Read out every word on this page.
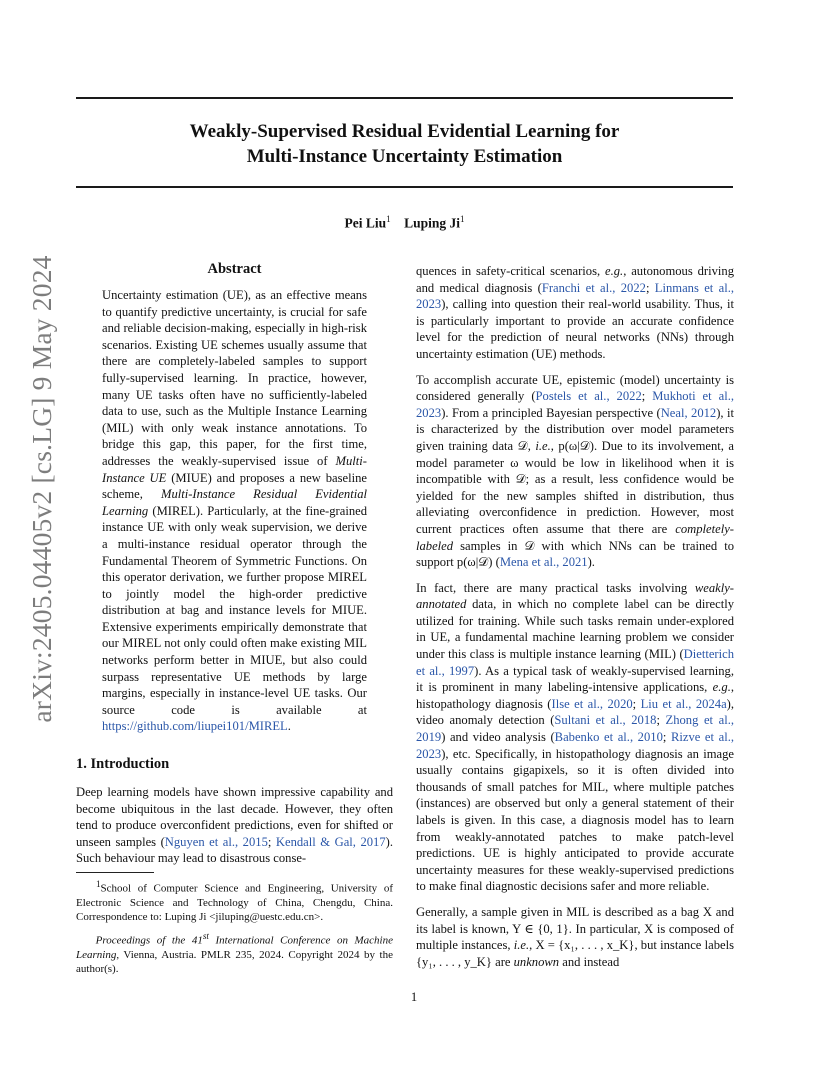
Weakly-Supervised Residual Evidential Learning for
Multi-Instance Uncertainty Estimation
Pei Liu$^1$ Luping Ji$^1$
arXiv:2405.04405v2 [cs.LG] 9 May 2024	Abstract
Uncertainty estimation (UE), as an effective means to quantify predictive uncertainty, is crucial for safe and reliable decision-making, especially in high-risk scenarios. Existing UE schemes usually assume that there are completely-labeled samples to support fully-supervised learning. In practice, however, many UE tasks often have no sufficiently-labeled data to use, such as the Multiple Instance Learning (MIL) with only weak instance annotations. To bridge this gap, this paper, for the first time, addresses the weakly-supervised issue of Multi-Instance UE (MIUE) and proposes a new baseline scheme, Multi-Instance Residual Evidential Learning (MIREL). Particularly, at the fine-grained instance UE with only weak supervision, we derive a multi-instance residual operator through the Fundamental Theorem of Symmetric Functions. On this operator derivation, we further propose MIREL to jointly model the high-order predictive distribution at bag and instance levels for MIUE. Extensive experiments empirically demonstrate that our MIREL not only could often make existing MIL networks perform better in MIUE, but also could surpass representative UE methods by large margins, especially in instance-level UE tasks. Our source code is available at https://github.com/liupei101/MIREL.
1. Introduction
Deep learning models have shown impressive capability and become ubiquitous in the last decade. However, they often tend to produce overconfident predictions, even for shifted or unseen samples (Nguyen et al., 2015; Kendall & Gal, 2017). Such behaviour may lead to disastrous conse-
$^1$School of Computer Science and Engineering, University of Electronic Science and Technology of China, Chengdu, China. Correspondence to: Luping Ji <jiluping@uestc.edu.cn>.
Proceedings of the 41st International Conference on Machine Learning, Vienna, Austria. PMLR 235, 2024. Copyright 2024 by the author(s).

quences in safety-critical scenarios, e.g., autonomous driving and medical diagnosis (Franchi et al., 2022; Linmans et al., 2023), calling into question their real-world usability. Thus, it is particularly important to provide an accurate confidence level for the prediction of neural networks (NNs) through uncertainty estimation (UE) methods.

To accomplish accurate UE, epistemic (model) uncertainty is considered generally (Postels et al., 2022; Mukhoti et al., 2023). From a principled Bayesian perspective (Neal, 2012), it is characterized by the distribution over model parameters given training data 𝒟, i.e., p(ω|𝒟). Due to its involvement, a model parameter ω would be low in likelihood when it is incompatible with 𝒟; as a result, less confidence would be yielded for the new samples shifted in distribution, thus alleviating overconfidence in prediction. However, most current practices often assume that there are completely-labeled samples in 𝒟 with which NNs can be trained to support p(ω|𝒟) (Mena et al., 2021).

In fact, there are many practical tasks involving weakly-annotated data, in which no complete label can be directly utilized for training. While such tasks remain under-explored in UE, a fundamental machine learning problem we consider under this class is multiple instance learning (MIL) (Dietterich et al., 1997). As a typical task of weakly-supervised learning, it is prominent in many labeling-intensive applications, e.g., histopathology diagnosis (Ilse et al., 2020; Liu et al., 2024a), video anomaly detection (Sultani et al., 2018; Zhong et al., 2019) and video analysis (Babenko et al., 2010; Rizve et al., 2023), etc. Specifically, in histopathology diagnosis an image usually contains gigapixels, so it is often divided into thousands of small patches for MIL, where multiple patches (instances) are observed but only a general statement of their labels is given. In this case, a diagnosis model has to learn from weakly-annotated patches to make patch-level predictions. UE is highly anticipated to provide accurate uncertainty measures for these weakly-supervised predictions to make final diagnostic decisions safer and more reliable.

Generally, a sample given in MIL is described as a bag X and its label is known, Y ∈ {0, 1}. In particular, X is composed of multiple instances, i.e., X = {x₁, . . . , x_K}, but instance labels {y₁, . . . , y_K} are unknown and instead

1
